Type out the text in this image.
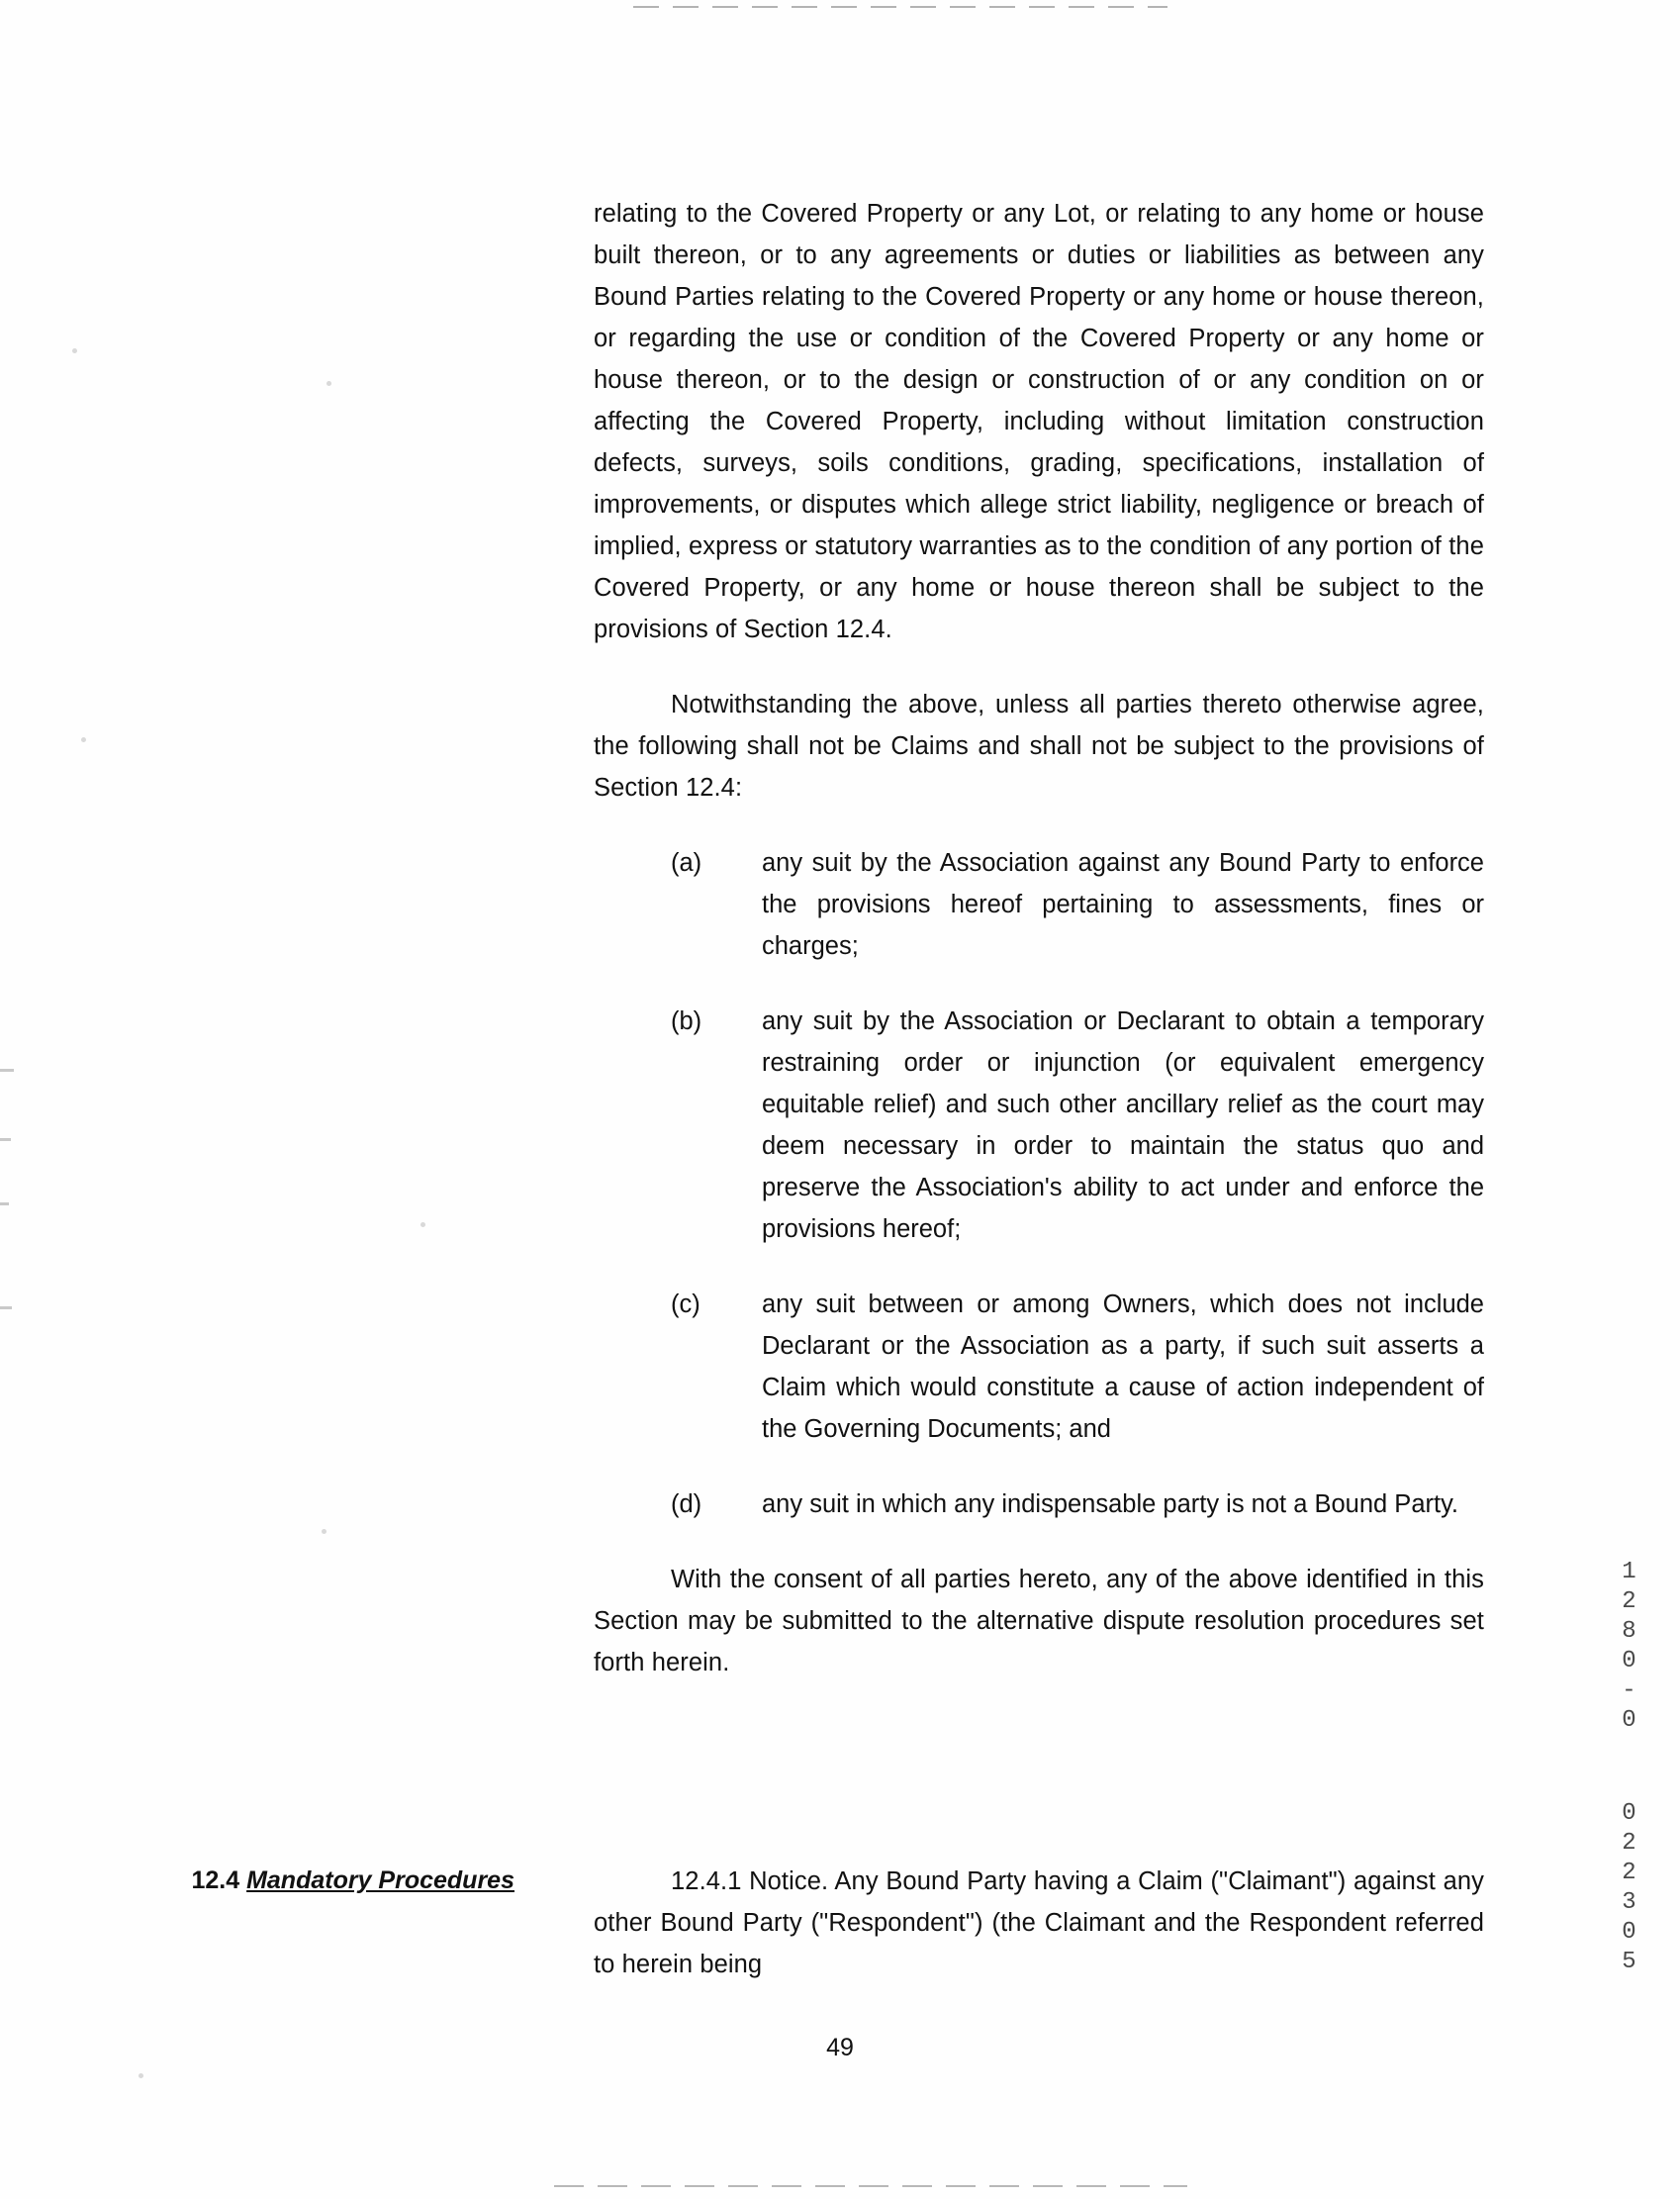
relating to the Covered Property or any Lot, or relating to any home or house built thereon, or to any agreements or duties or liabilities as between any Bound Parties relating to the Covered Property or any home or house thereon, or regarding the use or condition of the Covered Property or any home or house thereon, or to the design or construction of or any condition on or affecting the Covered Property, including without limitation construction defects, surveys, soils conditions, grading, specifications, installation of improvements, or disputes which allege strict liability, negligence or breach of implied, express or statutory warranties as to the condition of any portion of the Covered Property, or any home or house thereon shall be subject to the provisions of Section 12.4.

Notwithstanding the above, unless all parties thereto otherwise agree, the following shall not be Claims and shall not be subject to the provisions of Section 12.4:

(a)	any suit by the Association against any Bound Party to enforce the provisions hereof pertaining to assessments, fines or charges;
(b)	any suit by the Association or Declarant to obtain a temporary restraining order or injunction (or equivalent emergency equitable relief) and such other ancillary relief as the court may deem necessary in order to maintain the status quo and preserve the Association's ability to act under and enforce the provisions hereof;
(c)	any suit between or among Owners, which does not include Declarant or the Association as a party, if such suit asserts a Claim which would constitute a cause of action independent of the Governing Documents; and
(d)	any suit in which any indispensable party is not a Bound Party.

With the consent of all parties hereto, any of the above identified in this Section may be submitted to the alternative dispute resolution procedures set forth herein.

12.4 Mandatory Procedures	12.4.1 Notice. Any Bound Party having a Claim ("Claimant") against any other Bound Party ("Respondent") (the Claimant and the Respondent referred to herein being

1280-0 022305
49
